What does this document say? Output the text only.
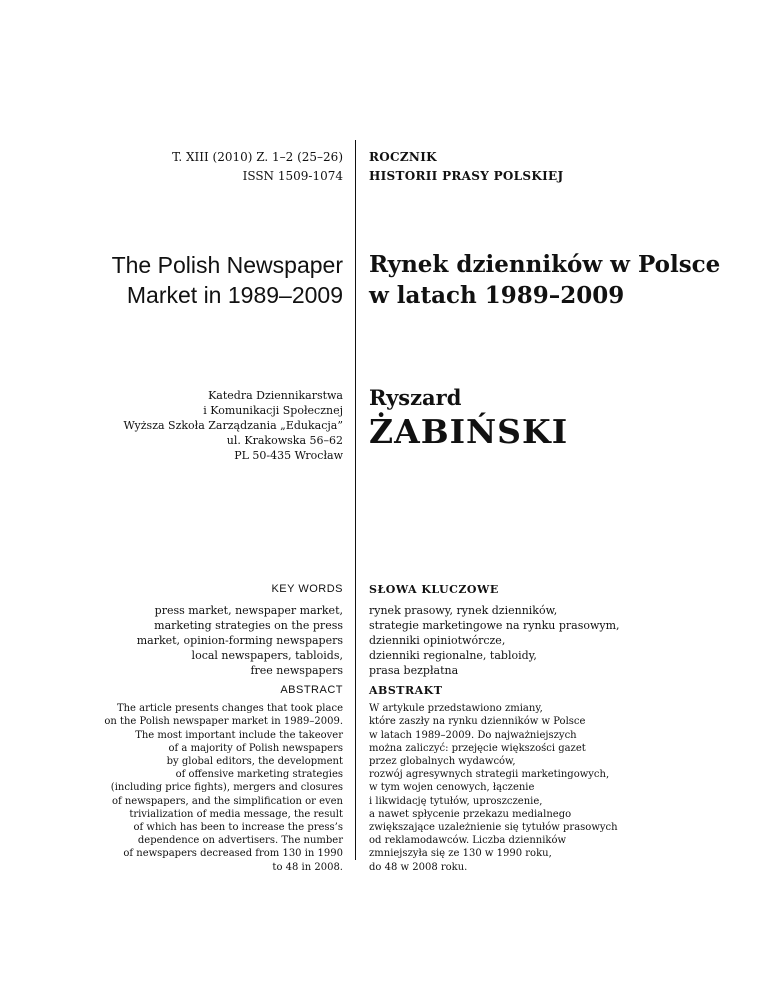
T. XIII (2010) Z. 1–2 (25–26)
ISSN 1509-1074
ROCZNIK
HISTORII PRASY POLSKIEJ
The Polish Newspaper
Market in 1989–2009
Rynek dzienników w Polsce
w latach 1989–2009
Katedra Dziennikarstwa
i Komunikacji Społecznej
Wyższa Szkoła Zarządzania „Edukacja”
ul. Krakowska 56–62
PL 50-435 Wrocław
Ryszard
ŻABIŃSKI
KEY WORDS
press market, newspaper market,
marketing strategies on the press
market, opinion-forming newspapers
local newspapers, tabloids,
free newspapers
SŁOWA KLUCZOWE
rynek prasowy, rynek dzienników,
strategie marketingowe na rynku prasowym,
dzienniki opiniotwórcze,
dzienniki regionalne, tabloidy,
prasa bezpłatna
ABSTRACT
The article presents changes that took place
on the Polish newspaper market in 1989–2009.
The most important include the takeover
of a majority of Polish newspapers
by global editors, the development
of offensive marketing strategies
(including price fights), mergers and closures
of newspapers, and the simplification or even
trivialization of media message, the result
of which has been to increase the press’s
dependence on advertisers. The number
of newspapers decreased from 130 in 1990
to 48 in 2008.
ABSTRAKT
W artykule przedstawiono zmiany,
które zaszły na rynku dzienników w Polsce
w latach 1989–2009. Do najważniejszych
można zaliczyć: przejęcie większości gazet
przez globalnych wydawców,
rozwój agresywnych strategii marketingowych,
w tym wojen cenowych, łączenie
i likwidację tytułów, uproszczenie,
a nawet spłycenie przekazu medialnego
zwiększające uzależnienie się tytułów prasowych
od reklamodawców. Liczba dzienników
zmniejszyła się ze 130 w 1990 roku,
do 48 w 2008 roku.
